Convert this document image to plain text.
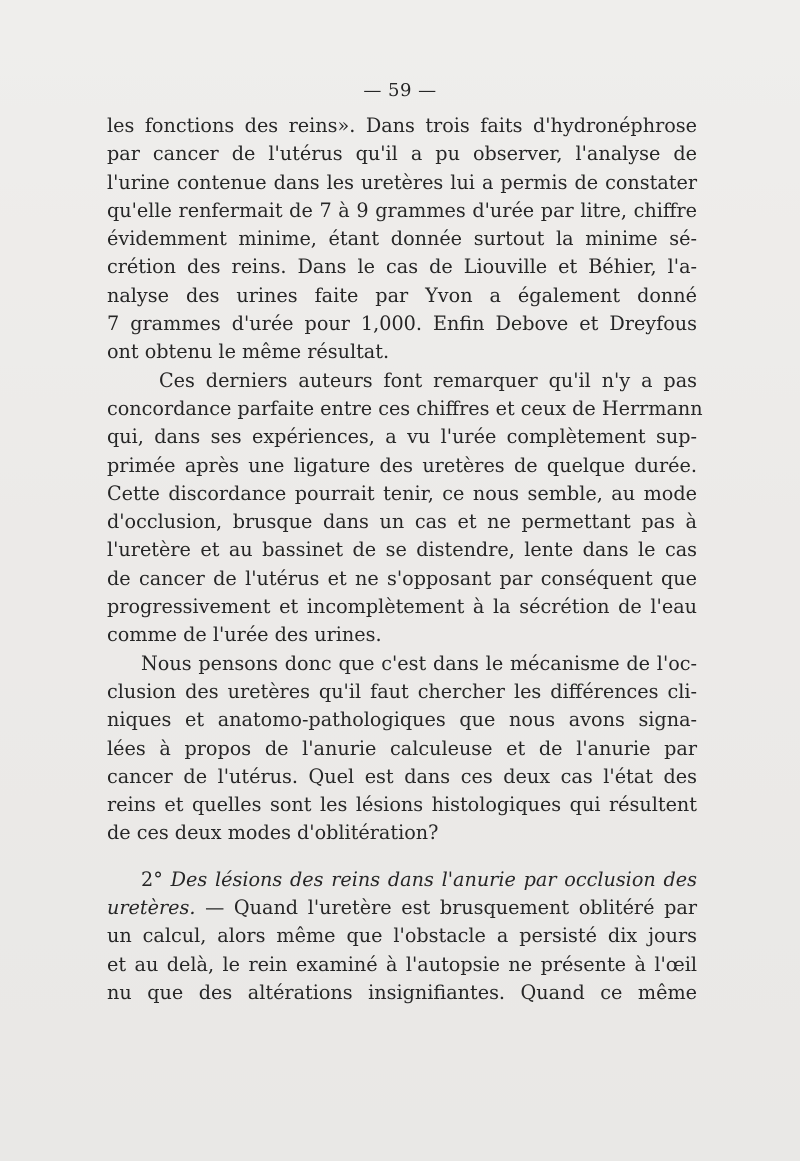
— 59 —
les fonctions des reins». Dans trois faits d'hydronéphrose
par cancer de l'utérus qu'il a pu observer, l'analyse de
l'urine contenue dans les uretères lui a permis de constater
qu'elle renfermait de 7 à 9 grammes d'urée par litre, chiffre
évidemment minime, étant donnée surtout la minime sé-
crétion des reins. Dans le cas de Liouville et Béhier, l'a-
nalyse des urines faite par Yvon a également donné
7 grammes d'urée pour 1,000. Enfin Debove et Dreyfous
ont obtenu le même résultat.
Ces derniers auteurs font remarquer qu'il n'y a pas
concordance parfaite entre ces chiffres et ceux de Herrmann
qui, dans ses expériences, a vu l'urée complètement sup-
primée après une ligature des uretères de quelque durée.
Cette discordance pourrait tenir, ce nous semble, au mode
d'occlusion, brusque dans un cas et ne permettant pas à
l'uretère et au bassinet de se distendre, lente dans le cas
de cancer de l'utérus et ne s'opposant par conséquent que
progressivement et incomplètement à la sécrétion de l'eau
comme de l'urée des urines.
Nous pensons donc que c'est dans le mécanisme de l'oc-
clusion des uretères qu'il faut chercher les différences cli-
niques et anatomo-pathologiques que nous avons signa-
lées à propos de l'anurie calculeuse et de l'anurie par
cancer de l'utérus. Quel est dans ces deux cas l'état des
reins et quelles sont les lésions histologiques qui résultent
de ces deux modes d'oblitération?
2° Des lésions des reins dans l'anurie par occlusion des
uretères. — Quand l'uretère est brusquement oblitéré par
un calcul, alors même que l'obstacle a persisté dix jours
et au delà, le rein examiné à l'autopsie ne présente à l'œil
nu que des altérations insignifiantes. Quand ce même
